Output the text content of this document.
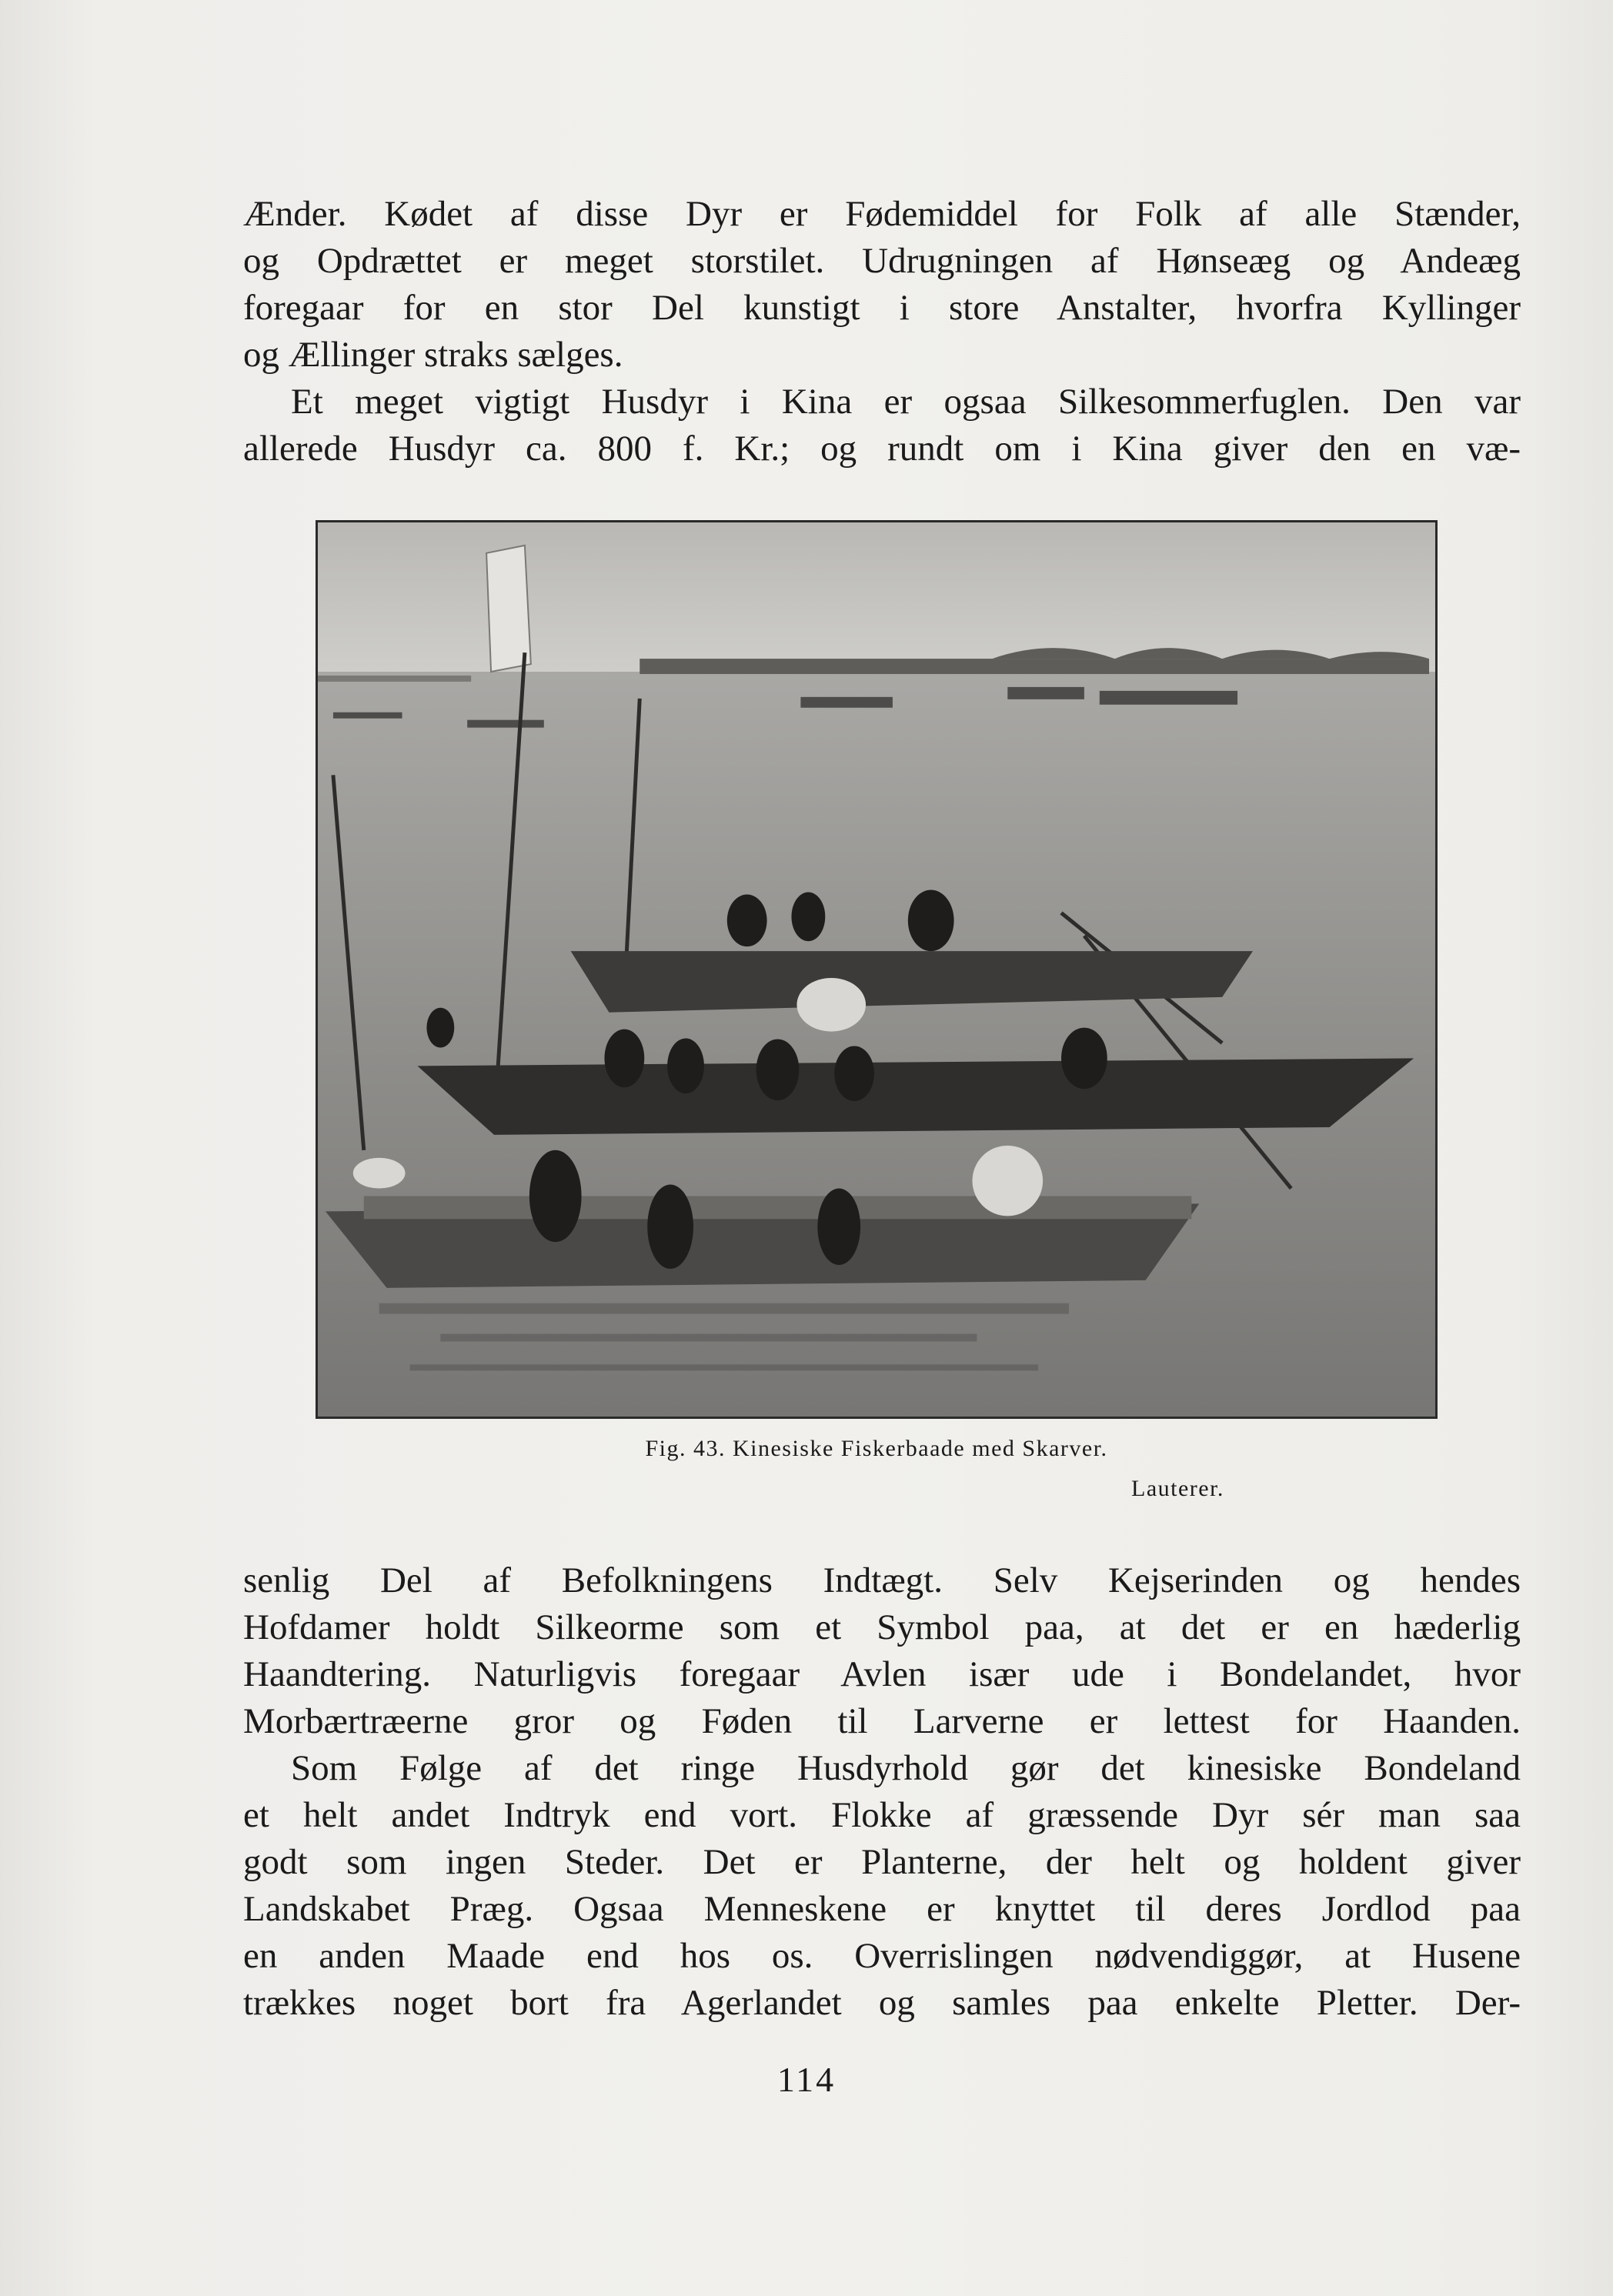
Ænder. Kødet af disse Dyr er Fødemiddel for Folk af alle Stænder,
og Opdrættet er meget storstilet. Udrugningen af Hønseæg og Andeæg
foregaar for en stor Del kunstigt i store Anstalter, hvorfra Kyllinger
og Ællinger straks sælges.

Et meget vigtigt Husdyr i Kina er ogsaa Silkesommerfuglen. Den var
allerede Husdyr ca. 800 f. Kr.; og rundt om i Kina giver den en væ-

Fig. 43. Kinesiske Fiskerbaade med Skarver.
Lauterer.

senlig Del af Befolkningens Indtægt. Selv Kejserinden og hendes
Hofdamer holdt Silkeorme som et Symbol paa, at det er en hæderlig
Haandtering. Naturligvis foregaar Avlen især ude i Bondelandet, hvor
Morbærtræerne gror og Føden til Larverne er lettest for Haanden.

Som Følge af det ringe Husdyrhold gør det kinesiske Bondeland
et helt andet Indtryk end vort. Flokke af græssende Dyr sér man saa
godt som ingen Steder. Det er Planterne, der helt og holdent giver
Landskabet Præg. Ogsaa Menneskene er knyttet til deres Jordlod paa
en anden Maade end hos os. Overrislingen nødvendiggør, at Husene
trækkes noget bort fra Agerlandet og samles paa enkelte Pletter. Der-

114
